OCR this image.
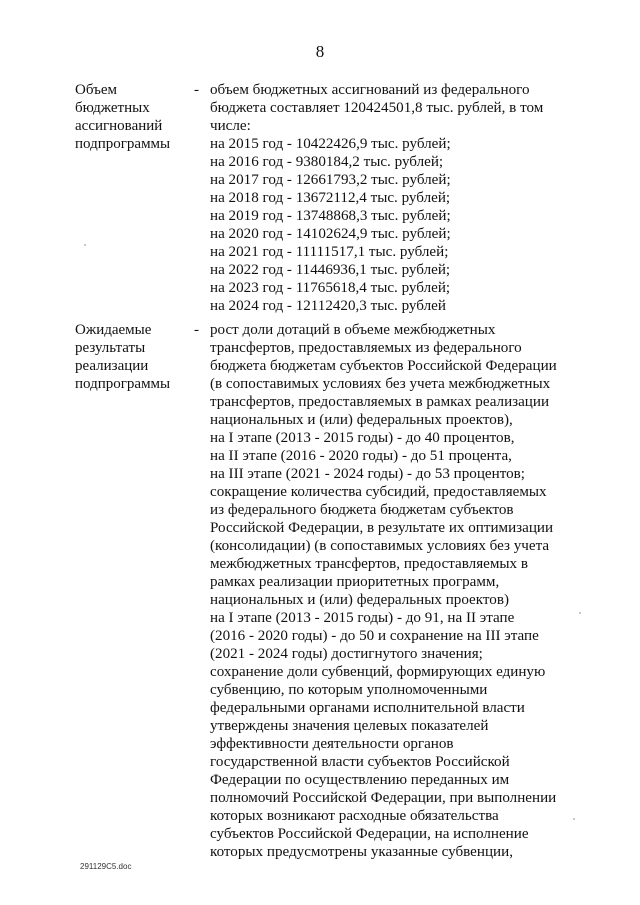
8
Объем
бюджетных
ассигнований
подпрограммы
- объем бюджетных ассигнований из федерального
бюджета составляет 120424501,8 тыс. рублей, в том
числе:
на 2015 год - 10422426,9 тыс. рублей;
на 2016 год - 9380184,2 тыс. рублей;
на 2017 год - 12661793,2 тыс. рублей;
на 2018 год - 13672112,4 тыс. рублей;
на 2019 год - 13748868,3 тыс. рублей;
на 2020 год - 14102624,9 тыс. рублей;
на 2021 год - 11111517,1 тыс. рублей;
на 2022 год - 11446936,1 тыс. рублей;
на 2023 год - 11765618,4 тыс. рублей;
на 2024 год - 12112420,3 тыс. рублей
Ожидаемые
результаты
реализации
подпрограммы
- рост доли дотаций в объеме межбюджетных
трансфертов, предоставляемых из федерального
бюджета бюджетам субъектов Российской Федерации
(в сопоставимых условиях без учета межбюджетных
трансфертов, предоставляемых в рамках реализации
национальных и (или) федеральных проектов),
на I этапе (2013 - 2015 годы) - до 40 процентов,
на II этапе (2016 - 2020 годы) - до 51 процента,
на III этапе (2021 - 2024 годы) - до 53 процентов;
сокращение количества субсидий, предоставляемых
из федерального бюджета бюджетам субъектов
Российской Федерации, в результате их оптимизации
(консолидации) (в сопоставимых условиях без учета
межбюджетных трансфертов, предоставляемых в
рамках реализации приоритетных программ,
национальных и (или) федеральных проектов)
на I этапе (2013 - 2015 годы) - до 91, на II этапе
(2016 - 2020 годы) - до 50 и сохранение на III этапе
(2021 - 2024 годы) достигнутого значения;
сохранение доли субвенций, формирующих единую
субвенцию, по которым уполномоченными
федеральными органами исполнительной власти
утверждены значения целевых показателей
эффективности деятельности органов
государственной власти субъектов Российской
Федерации по осуществлению переданных им
полномочий Российской Федерации, при выполнении
которых возникают расходные обязательства
субъектов Российской Федерации, на исполнение
которых предусмотрены указанные субвенции,
291129C5.doc
